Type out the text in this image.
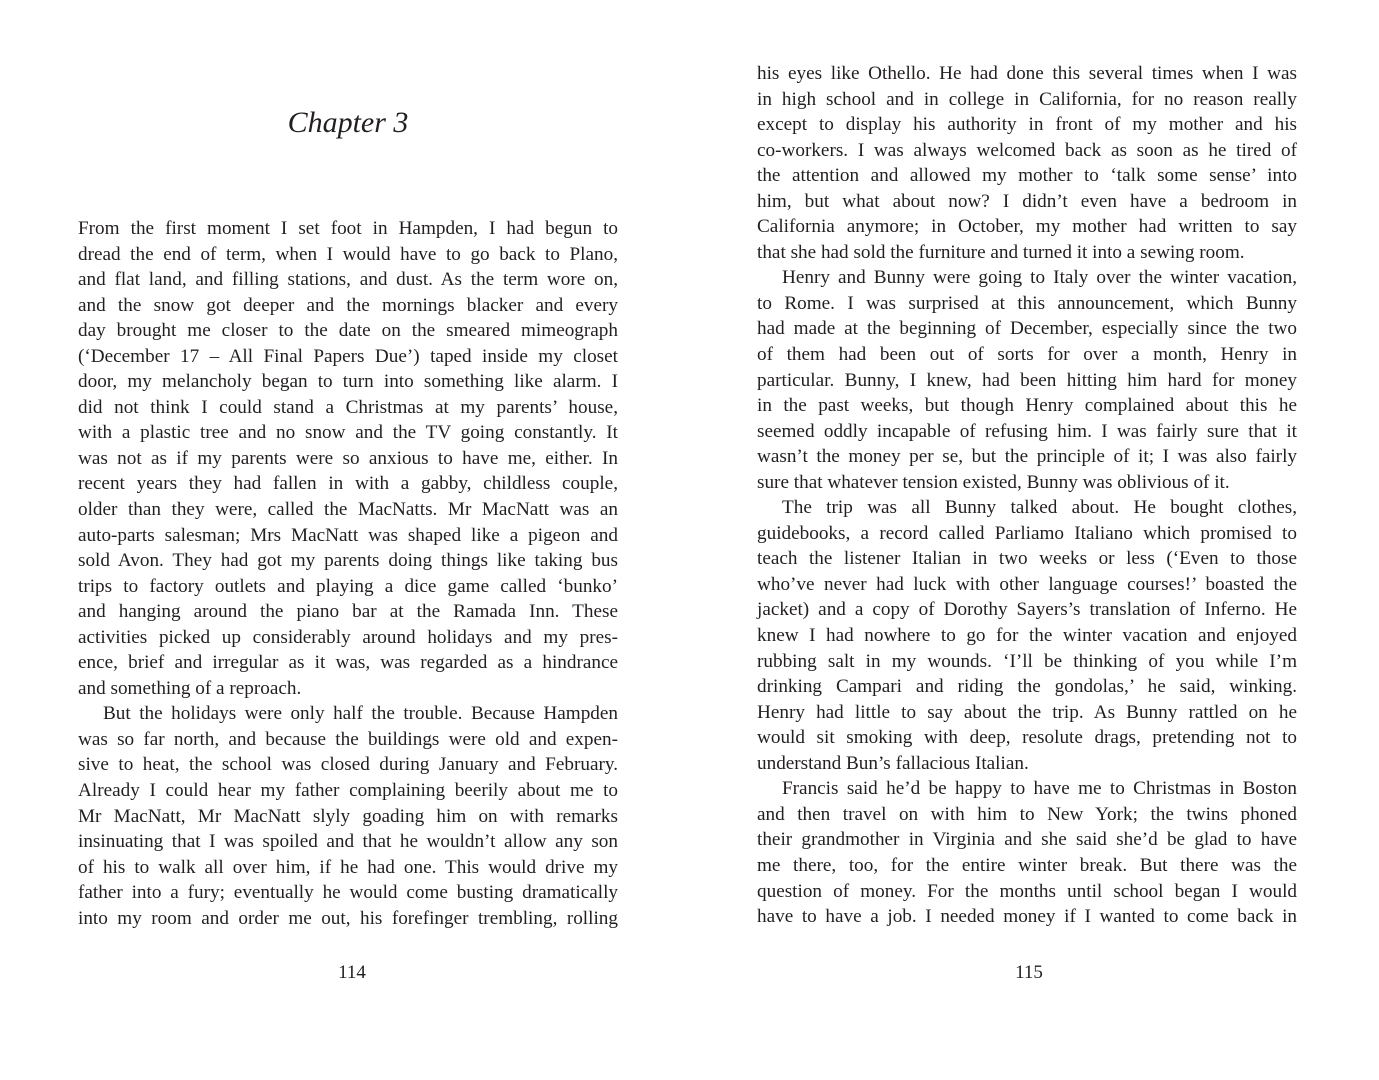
Chapter 3
From the first moment I set foot in Hampden, I had begun to
dread the end of term, when I would have to go back to Plano,
and flat land, and filling stations, and dust. As the term wore on,
and the snow got deeper and the mornings blacker and every
day brought me closer to the date on the smeared mimeograph
(‘December 17 – All Final Papers Due’) taped inside my closet
door, my melancholy began to turn into something like alarm. I
did not think I could stand a Christmas at my parents’ house,
with a plastic tree and no snow and the TV going constantly. It
was not as if my parents were so anxious to have me, either. In
recent years they had fallen in with a gabby, childless couple,
older than they were, called the MacNatts. Mr MacNatt was an
auto-parts salesman; Mrs MacNatt was shaped like a pigeon and
sold Avon. They had got my parents doing things like taking bus
trips to factory outlets and playing a dice game called ‘bunko’
and hanging around the piano bar at the Ramada Inn. These
activities picked up considerably around holidays and my pres-
ence, brief and irregular as it was, was regarded as a hindrance
and something of a reproach.
But the holidays were only half the trouble. Because Hampden
was so far north, and because the buildings were old and expen-
sive to heat, the school was closed during January and February.
Already I could hear my father complaining beerily about me to
Mr MacNatt, Mr MacNatt slyly goading him on with remarks
insinuating that I was spoiled and that he wouldn’t allow any son
of his to walk all over him, if he had one. This would drive my
father into a fury; eventually he would come busting dramatically
into my room and order me out, his forefinger trembling, rolling
114
his eyes like Othello. He had done this several times when I was
in high school and in college in California, for no reason really
except to display his authority in front of my mother and his
co-workers. I was always welcomed back as soon as he tired of
the attention and allowed my mother to ‘talk some sense’ into
him, but what about now? I didn’t even have a bedroom in
California anymore; in October, my mother had written to say
that she had sold the furniture and turned it into a sewing room.
Henry and Bunny were going to Italy over the winter vacation,
to Rome. I was surprised at this announcement, which Bunny
had made at the beginning of December, especially since the two
of them had been out of sorts for over a month, Henry in
particular. Bunny, I knew, had been hitting him hard for money
in the past weeks, but though Henry complained about this he
seemed oddly incapable of refusing him. I was fairly sure that it
wasn’t the money per se, but the principle of it; I was also fairly
sure that whatever tension existed, Bunny was oblivious of it.
The trip was all Bunny talked about. He bought clothes,
guidebooks, a record called Parliamo Italiano which promised to
teach the listener Italian in two weeks or less (‘Even to those
who’ve never had luck with other language courses!’ boasted the
jacket) and a copy of Dorothy Sayers’s translation of Inferno. He
knew I had nowhere to go for the winter vacation and enjoyed
rubbing salt in my wounds. ‘I’ll be thinking of you while I’m
drinking Campari and riding the gondolas,’ he said, winking.
Henry had little to say about the trip. As Bunny rattled on he
would sit smoking with deep, resolute drags, pretending not to
understand Bun’s fallacious Italian.
Francis said he’d be happy to have me to Christmas in Boston
and then travel on with him to New York; the twins phoned
their grandmother in Virginia and she said she’d be glad to have
me there, too, for the entire winter break. But there was the
question of money. For the months until school began I would
have to have a job. I needed money if I wanted to come back in
115
